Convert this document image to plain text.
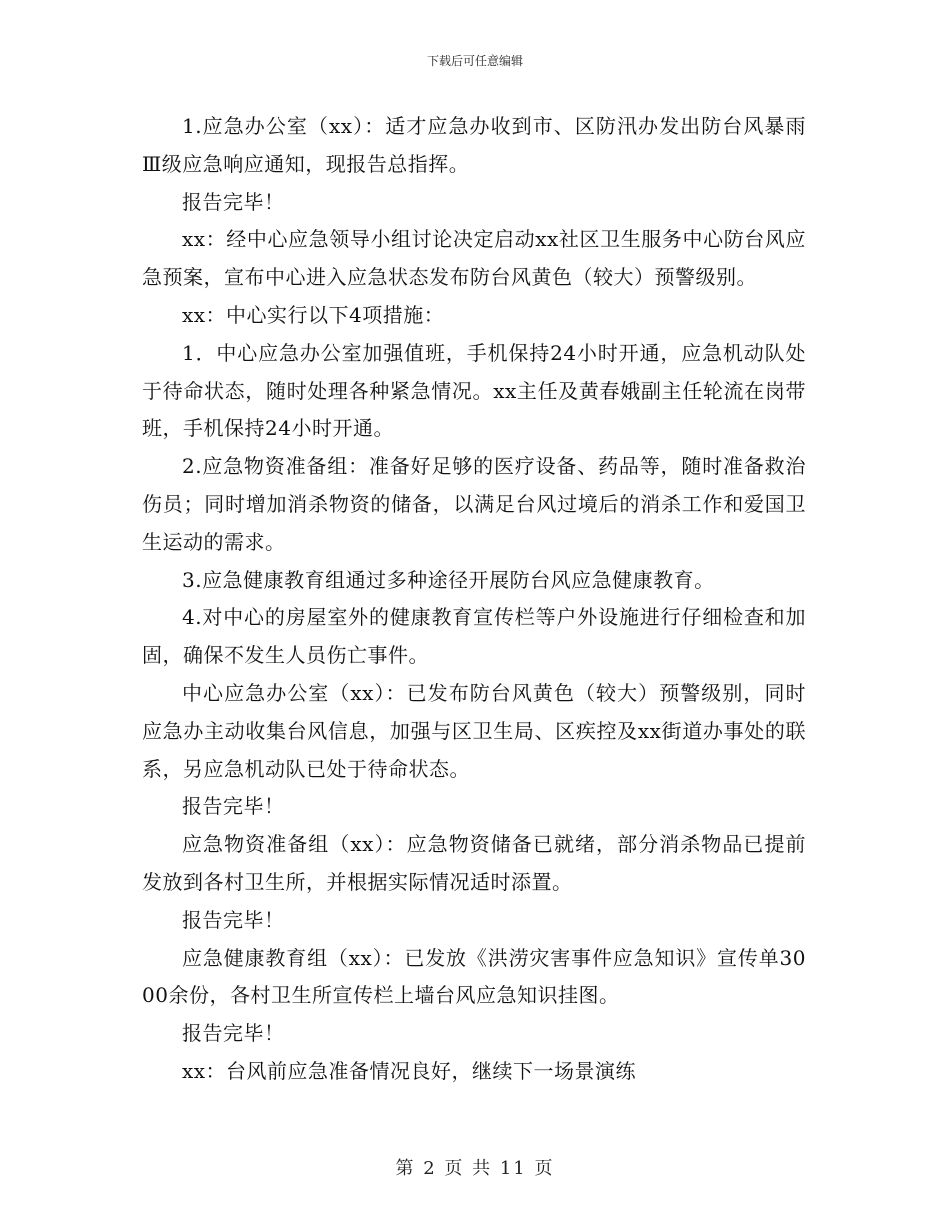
下载后可任意编辑

1.应急办公室（xx）：适才应急办收到市、区防汛办发出防台风暴雨Ⅲ级应急响应通知，现报告总指挥。

报告完毕！

xx：经中心应急领导小组讨论决定启动xx社区卫生服务中心防台风应急预案，宣布中心进入应急状态发布防台风黄色（较大）预警级别。

xx：中心实行以下4项措施：

1．中心应急办公室加强值班，手机保持24小时开通，应急机动队处于待命状态，随时处理各种紧急情况。xx主任及黄春娥副主任轮流在岗带班，手机保持24小时开通。

2.应急物资准备组：准备好足够的医疗设备、药品等，随时准备救治伤员；同时增加消杀物资的储备，以满足台风过境后的消杀工作和爱国卫生运动的需求。

3.应急健康教育组通过多种途径开展防台风应急健康教育。

4.对中心的房屋室外的健康教育宣传栏等户外设施进行仔细检查和加固，确保不发生人员伤亡事件。

中心应急办公室（xx）：已发布防台风黄色（较大）预警级别，同时应急办主动收集台风信息，加强与区卫生局、区疾控及xx街道办事处的联系，另应急机动队已处于待命状态。

报告完毕！

应急物资准备组（xx）：应急物资储备已就绪，部分消杀物品已提前发放到各村卫生所，并根据实际情况适时添置。

报告完毕！

应急健康教育组（xx）：已发放《洪涝灾害事件应急知识》宣传单3000余份，各村卫生所宣传栏上墙台风应急知识挂图。

报告完毕！

xx：台风前应急准备情况良好，继续下一场景演练

第 2 页 共 11 页
